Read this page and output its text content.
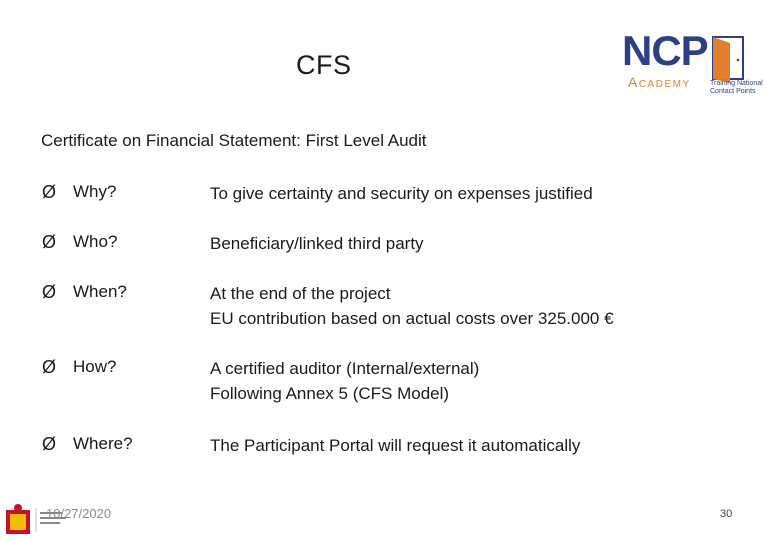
CFS	NCP
Academy	Training National Contact Points
Certificate on Financial Statement: First Level Audit
Ø Why?	To give certainty and security on expenses justified
Ø Who?	Beneficiary/linked third party
Ø When?	At the end of the project
EU contribution based on actual costs over 325.000 €
Ø How?	A certified auditor (Internal/external)
Following Annex 5 (CFS Model)
Ø Where?	The Participant Portal will request it automatically
10/27/2020	30
